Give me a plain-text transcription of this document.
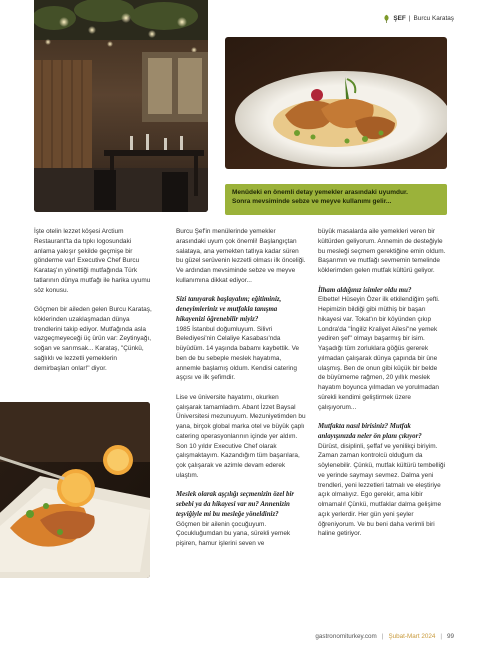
ŞEF | Burcu Karataş
Menüdeki en önemli detay yemekler arasındaki uyumdur.
Sonra mevsiminde sebze ve meyve kullanımı gelir...

İşte otelin lezzet köşesi Arctium Restaurant'ta da tıpkı logosundaki anlama yakışır şekilde geçmişe bir gönderme var! Executive Chef Burcu Karataş'ın yönettiği mutfağında Türk tatlarının dünya mutfağı ile harika uyumu söz konusu.

Göçmen bir aileden gelen Burcu Karataş, köklerinden uzaklaşmadan dünya trendlerini takip ediyor. Mutfağında asla vazgeçmeyeceği üç ürün var: Zeytinyağı, soğan ve sarımsak... Karataş, "Çünkü, sağlıklı ve lezzetli yemeklerin demirbaşları onlar!" diyor.

Burcu Şef'in menülerinde yemekler arasındaki uyum çok önemli! Başlangıçtan salataya, ana yemekten tatlıya kadar süren bu güzel serüvenin lezzetli olması ilk önceliği. Ve ardından mevsiminde sebze ve meyve kullanımına dikkat ediyor...

Sizi tanıyarak başlayalım; eğitiminiz, deneyimleriniz ve mutfakla tanışma hikayenizi öğrenebilir miyiz?

1985 İstanbul doğumluyum. Silivri Belediyesi'nin Celaliye Kasabası'nda büyüdüm. 14 yaşında babamı kaybettik. Ve ben de bu sebeple meslek hayatıma, annemle başlamış oldum. Kendisi catering aşçısı ve ilk şefimdir.

Lise ve üniversite hayatımı, okurken çalışarak tamamladım. Abant İzzet Baysal Üniversitesi mezunuyum. Mezuniyetimden bu yana, birçok global marka otel ve büyük çaplı catering operasyonlarının içinde yer aldım. Son 10 yıldır Executive Chef olarak çalışmaktayım. Kazandığım tüm başarılara, çok çalışarak ve azimle devam ederek ulaştım.

Meslek olarak aşçılığı seçmenizin özel bir sebebi ya da hikayesi var mı? Annenizin teşviğiyle mi bu mesleğe yöneldiniz?

Göçmen bir ailenin çocuğuyum. Çocukluğumdan bu yana, sürekli yemek pişiren, hamur işlerini seven ve

büyük masalarda aile yemekleri veren bir kültürden geliyorum. Annemin de desteğiyle bu mesleği seçmem gerektiğine emin oldum. Başarımın ve mutfağı sevmemin temelinde köklerimden gelen mutfak kültürü geliyor.

İlham aldığınız isimler oldu mu?

Elbette! Hüseyin Özer ilk etkilendiğim şefti. Hepimizin bildiği gibi müthiş bir başarı hikayesi var. Tokat'ın bir köyünden çıkıp Londra'da "İngiliz Kraliyet Ailesi"ne yemek yediren şef" olmayı başarmış bir isim. Yaşadığı tüm zorluklara göğüs gererek yılmadan çalışarak dünya çapında bir üne ulaşmış. Ben de onun gibi küçük bir belde de büyümeme rağmen, 20 yıllık meslek hayatım boyunca yılmadan ve yorulmadan sürekli kendimi geliştirmek üzere çalışıyorum...

Mutfakta nasıl birisiniz? Mutfak anlayışınızda neler ön planı çıkıyor?

Dürüst, disiplinli, şeffaf ve yenilikçi biriyim. Zaman zaman kontrolcü olduğum da söylenebilir. Çünkü, mutfak kültürü tembelliği ve yerinde saymayı sevmez. Dalma yeni trendleri, yeni lezzetleri tatmalı ve eleştiriye açık olmalıyız. Ego gerekir, ama kibir olmamalı! Çünkü, mutfaklar dalma gelişime açık yerlerdir. Her gün yeni şeyler öğreniyorum. Ve bu beni daha verimli biri haline getiriyor.

gastronomiturkey.com | Şubat-Mart 2024 | 99
